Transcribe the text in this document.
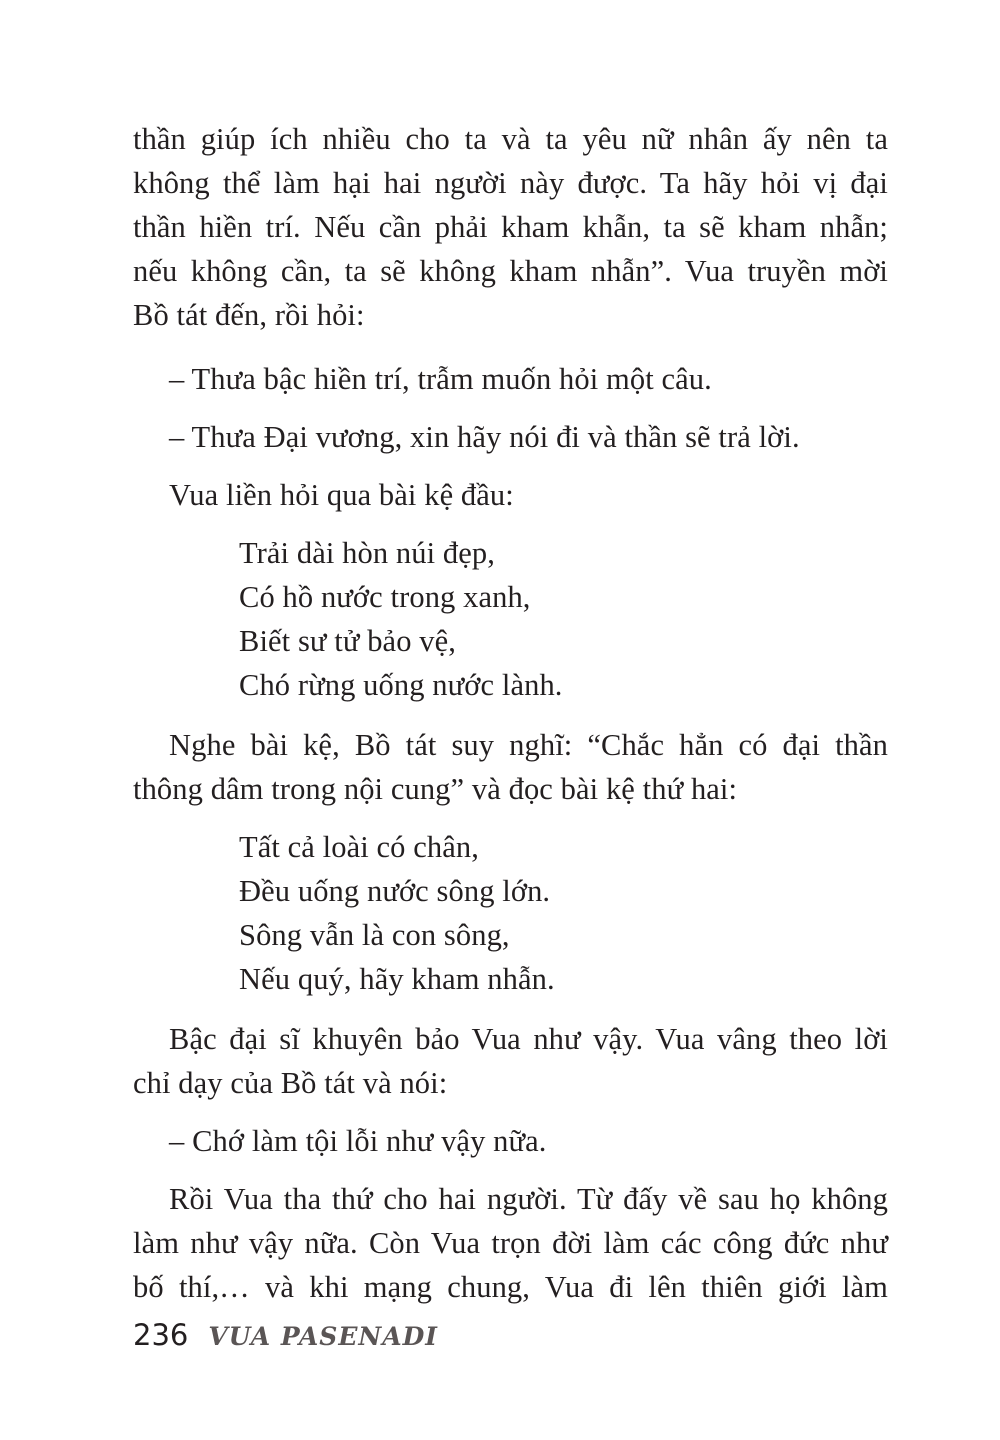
thần giúp ích nhiều cho ta và ta yêu nữ nhân ấy nên ta
không thể làm hại hai người này được. Ta hãy hỏi vị đại
thần hiền trí. Nếu cần phải kham khẫn, ta sẽ kham nhẫn;
nếu không cần, ta sẽ không kham nhẫn”. Vua truyền mời
Bồ tát đến, rồi hỏi:
– Thưa bậc hiền trí, trẫm muốn hỏi một câu.
– Thưa Đại vương, xin hãy nói đi và thần sẽ trả lời.
Vua liền hỏi qua bài kệ đầu:
Trải dài hòn núi đẹp,
Có hồ nước trong xanh,
Biết sư tử bảo vệ,
Chó rừng uống nước lành.
Nghe bài kệ, Bồ tát suy nghĩ: “Chắc hẳn có đại thần
thông dâm trong nội cung” và đọc bài kệ thứ hai:
Tất cả loài có chân,
Đều uống nước sông lớn.
Sông vẫn là con sông,
Nếu quý, hãy kham nhẫn.
Bậc đại sĩ khuyên bảo Vua như vậy. Vua vâng theo lời
chỉ dạy của Bồ tát và nói:
– Chớ làm tội lỗi như vậy nữa.
Rồi Vua tha thứ cho hai người. Từ đấy về sau họ không
làm như vậy nữa. Còn Vua trọn đời làm các công đức như
bố thí,… và khi mạng chung, Vua đi lên thiên giới làm
236 VUA PASENADI
